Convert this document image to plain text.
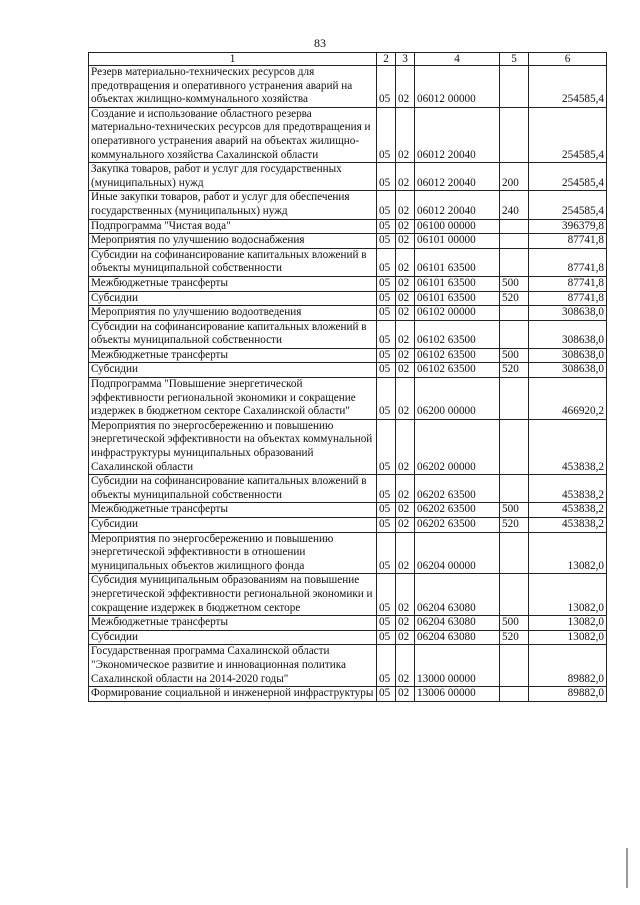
83
1	2	3	4	5	6
Резерв материально-технических ресурсов для предотвращения и оперативного устранения аварий на объектах жилищно-коммунального хозяйства	05	02	06012 00000		254585,4
Создание и использование областного резерва материально-технических ресурсов для предотвращения и оперативного устранения аварий на объектах жилищно-коммунального хозяйства Сахалинской области	05	02	06012 20040		254585,4
Закупка товаров, работ и услуг для государственных (муниципальных) нужд	05	02	06012 20040	200	254585,4
Иные закупки товаров, работ и услуг для обеспечения государственных (муниципальных) нужд	05	02	06012 20040	240	254585,4
Подпрограмма "Чистая вода"	05	02	06100 00000		396379,8
Мероприятия по улучшению водоснабжения	05	02	06101 00000		87741,8
Субсидии на софинансирование капитальных вложений в объекты муниципальной собственности	05	02	06101 63500		87741,8
Межбюджетные трансферты	05	02	06101 63500	500	87741,8
Субсидии	05	02	06101 63500	520	87741,8
Мероприятия по улучшению водоотведения	05	02	06102 00000		308638,0
Субсидии на софинансирование капитальных вложений в объекты муниципальной собственности	05	02	06102 63500		308638,0
Межбюджетные трансферты	05	02	06102 63500	500	308638,0
Субсидии	05	02	06102 63500	520	308638,0
Подпрограмма "Повышение энергетической эффективности региональной экономики и сокращение издержек в бюджетном секторе Сахалинской области"	05	02	06200 00000		466920,2
Мероприятия по энергосбережению и повышению энергетической эффективности на объектах коммунальной инфраструктуры муниципальных образований Сахалинской области	05	02	06202 00000		453838,2
Субсидии на софинансирование капитальных вложений в объекты муниципальной собственности	05	02	06202 63500		453838,2
Межбюджетные трансферты	05	02	06202 63500	500	453838,2
Субсидии	05	02	06202 63500	520	453838,2
Мероприятия по энергосбережению и повышению энергетической эффективности в отношении муниципальных объектов жилищного фонда	05	02	06204 00000		13082,0
Субсидия муниципальным образованиям на повышение энергетической эффективности региональной экономики и сокращение издержек в бюджетном секторе	05	02	06204 63080		13082,0
Межбюджетные трансферты	05	02	06204 63080	500	13082,0
Субсидии	05	02	06204 63080	520	13082,0
Государственная программа Сахалинской области "Экономическое развитие и инновационная политика Сахалинской области на 2014-2020 годы"	05	02	13000 00000		89882,0
Формирование социальной и инженерной инфраструктуры	05	02	13006 00000		89882,0
